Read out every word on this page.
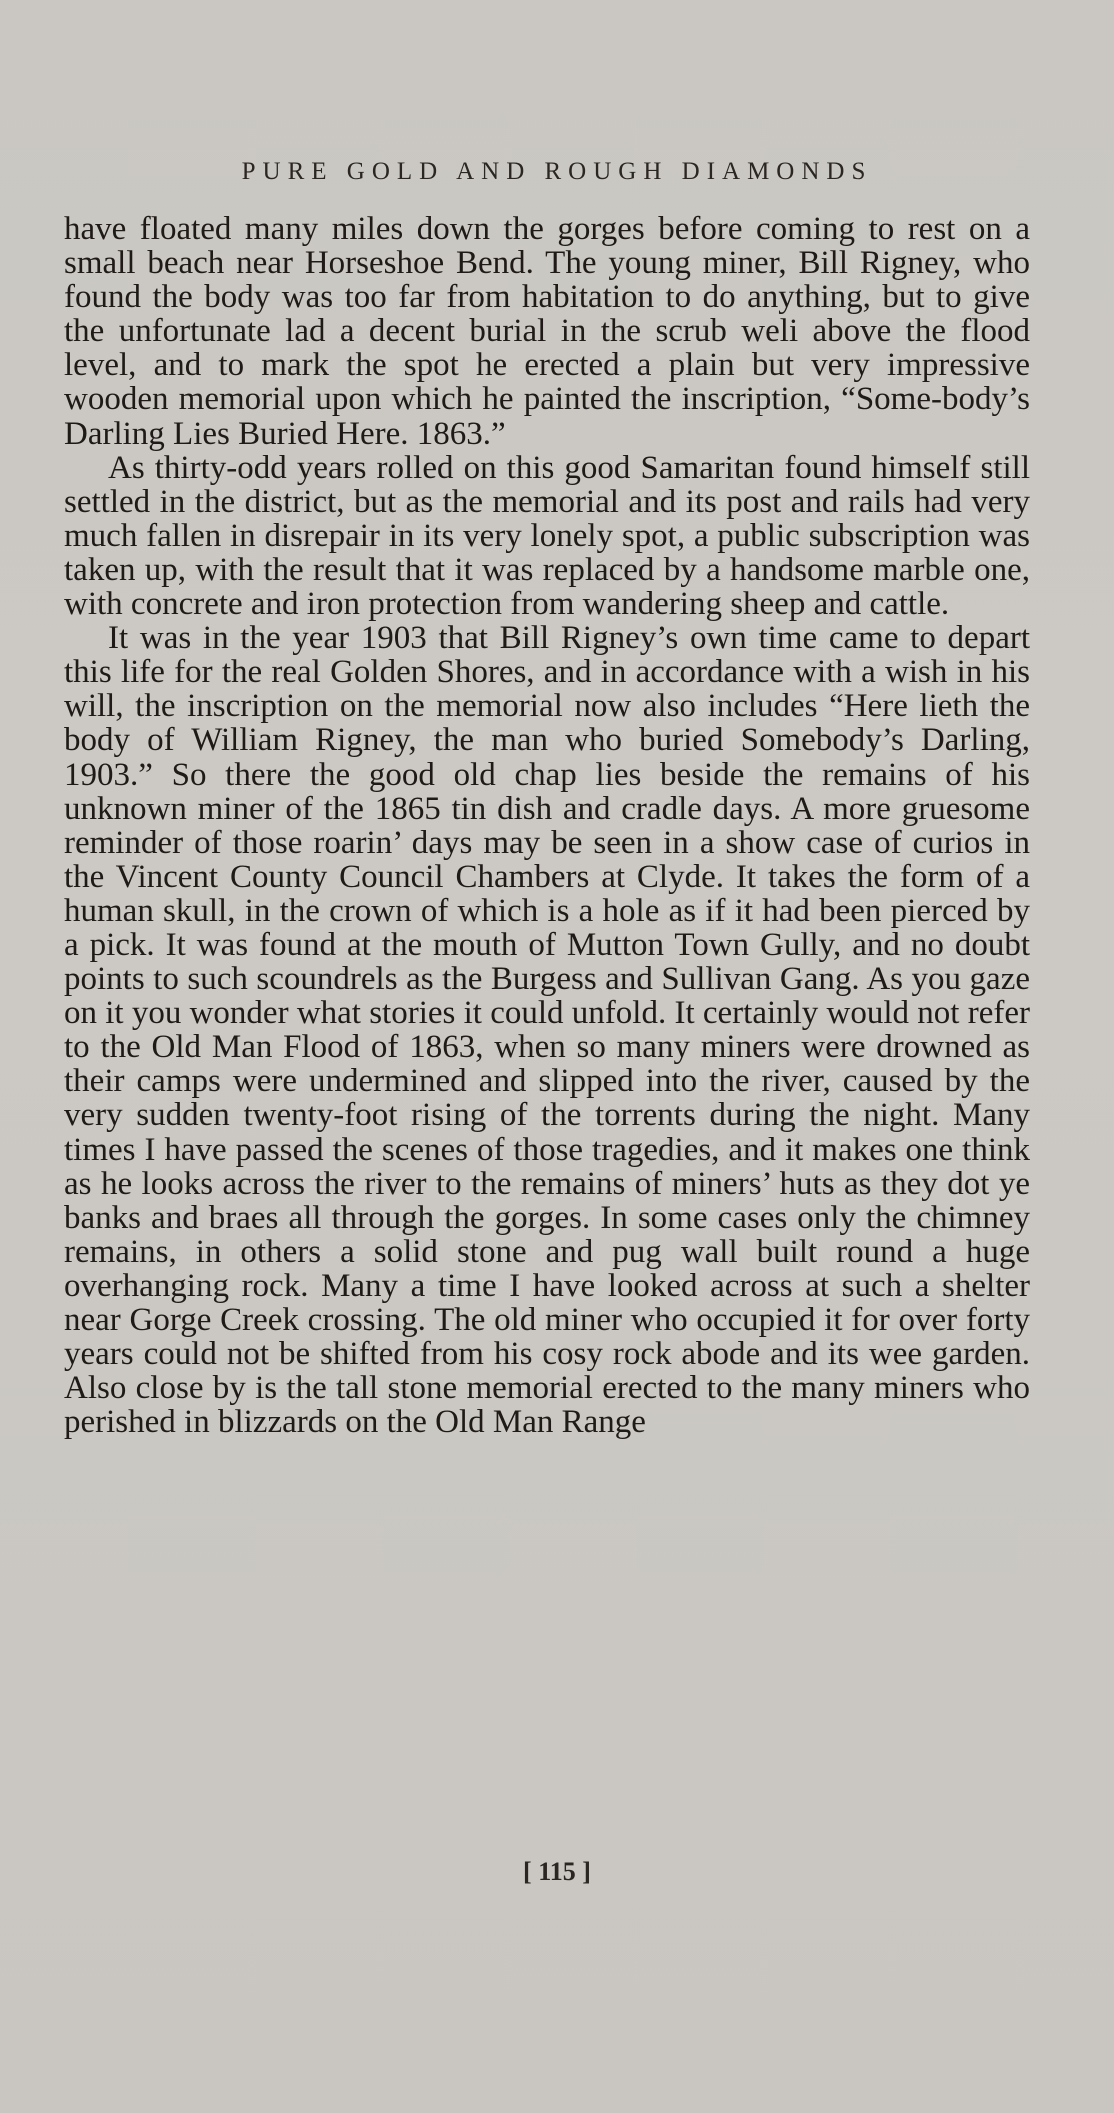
PURE GOLD AND ROUGH DIAMONDS

have floated many miles down the gorges before coming to rest on a small beach near Horseshoe Bend. The young miner, Bill Rigney, who found the body was too far from habitation to do anything, but to give the unfortunate lad a decent burial in the scrub weli above the flood level, and to mark the spot he erected a plain but very impressive wooden memorial upon which he painted the inscription, “Some-body’s Darling Lies Buried Here. 1863.”

As thirty-odd years rolled on this good Samaritan found himself still settled in the district, but as the memorial and its post and rails had very much fallen in disrepair in its very lonely spot, a public subscription was taken up, with the result that it was replaced by a handsome marble one, with concrete and iron protection from wandering sheep and cattle.

It was in the year 1903 that Bill Rigney’s own time came to depart this life for the real Golden Shores, and in accordance with a wish in his will, the inscription on the memorial now also includes “Here lieth the body of William Rigney, the man who buried Somebody’s Darling, 1903.” So there the good old chap lies beside the remains of his unknown miner of the 1865 tin dish and cradle days. A more gruesome reminder of those roarin’ days may be seen in a show case of curios in the Vincent County Council Chambers at Clyde. It takes the form of a human skull, in the crown of which is a hole as if it had been pierced by a pick. It was found at the mouth of Mutton Town Gully, and no doubt points to such scoundrels as the Burgess and Sullivan Gang. As you gaze on it you wonder what stories it could unfold. It certainly would not refer to the Old Man Flood of 1863, when so many miners were drowned as their camps were undermined and slipped into the river, caused by the very sudden twenty-foot rising of the torrents during the night. Many times I have passed the scenes of those tragedies, and it makes one think as he looks across the river to the remains of miners’ huts as they dot ye banks and braes all through the gorges. In some cases only the chimney remains, in others a solid stone and pug wall built round a huge overhanging rock. Many a time I have looked across at such a shelter near Gorge Creek crossing. The old miner who occupied it for over forty years could not be shifted from his cosy rock abode and its wee garden. Also close by is the tall stone memorial erected to the many miners who perished in blizzards on the Old Man Range

[ 115 ]
